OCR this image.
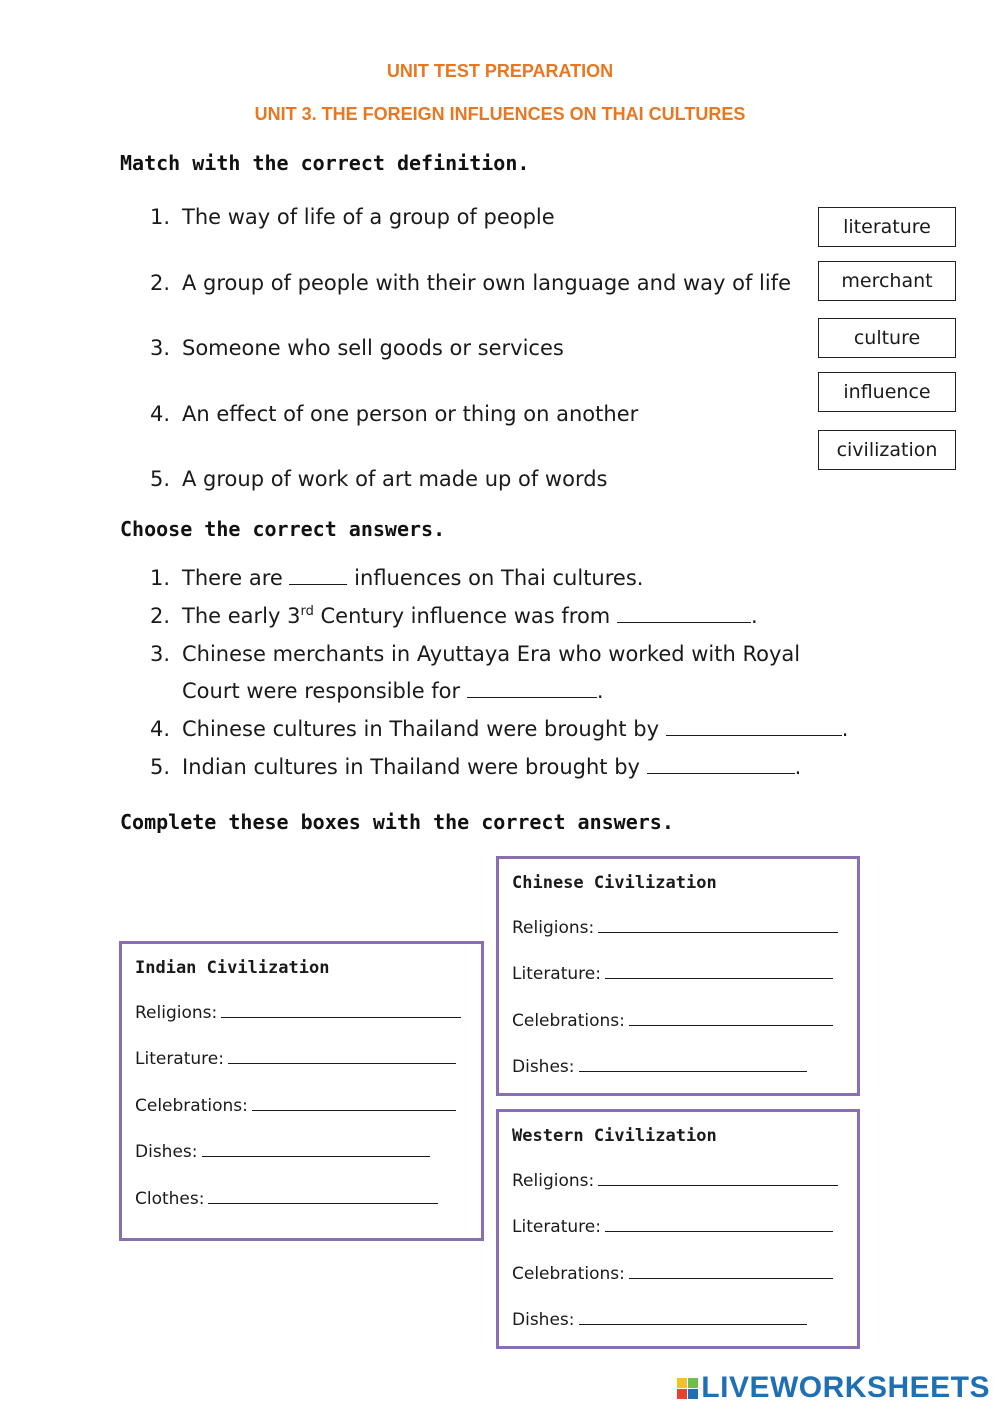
UNIT TEST PREPARATION
UNIT 3. THE FOREIGN INFLUENCES ON THAI CULTURES
Match with the correct definition.
1. The way of life of a group of people
2. A group of people with their own language and way of life
3. Someone who sell goods or services
4. An effect of one person or thing on another
5. A group of work of art made up of words
literature
merchant
culture
influence
civilization
Choose the correct answers.
1. There are	influences on Thai cultures.
2. The early 3rd Century influence was from	.
3. Chinese merchants in Ayuttaya Era who worked with Royal
Court were responsible for	.
4. Chinese cultures in Thailand were brought by	.
5. Indian cultures in Thailand were brought by	.
Complete these boxes with the correct answers.
Chinese Civilization
Religions:
Literature:
Celebrations:
Dishes:
Indian Civilization
Religions:
Literature:
Celebrations:
Dishes:
Clothes:
Western Civilization
Religions:
Literature:
Celebrations:
Dishes:
LIVEWORKSHEETS
